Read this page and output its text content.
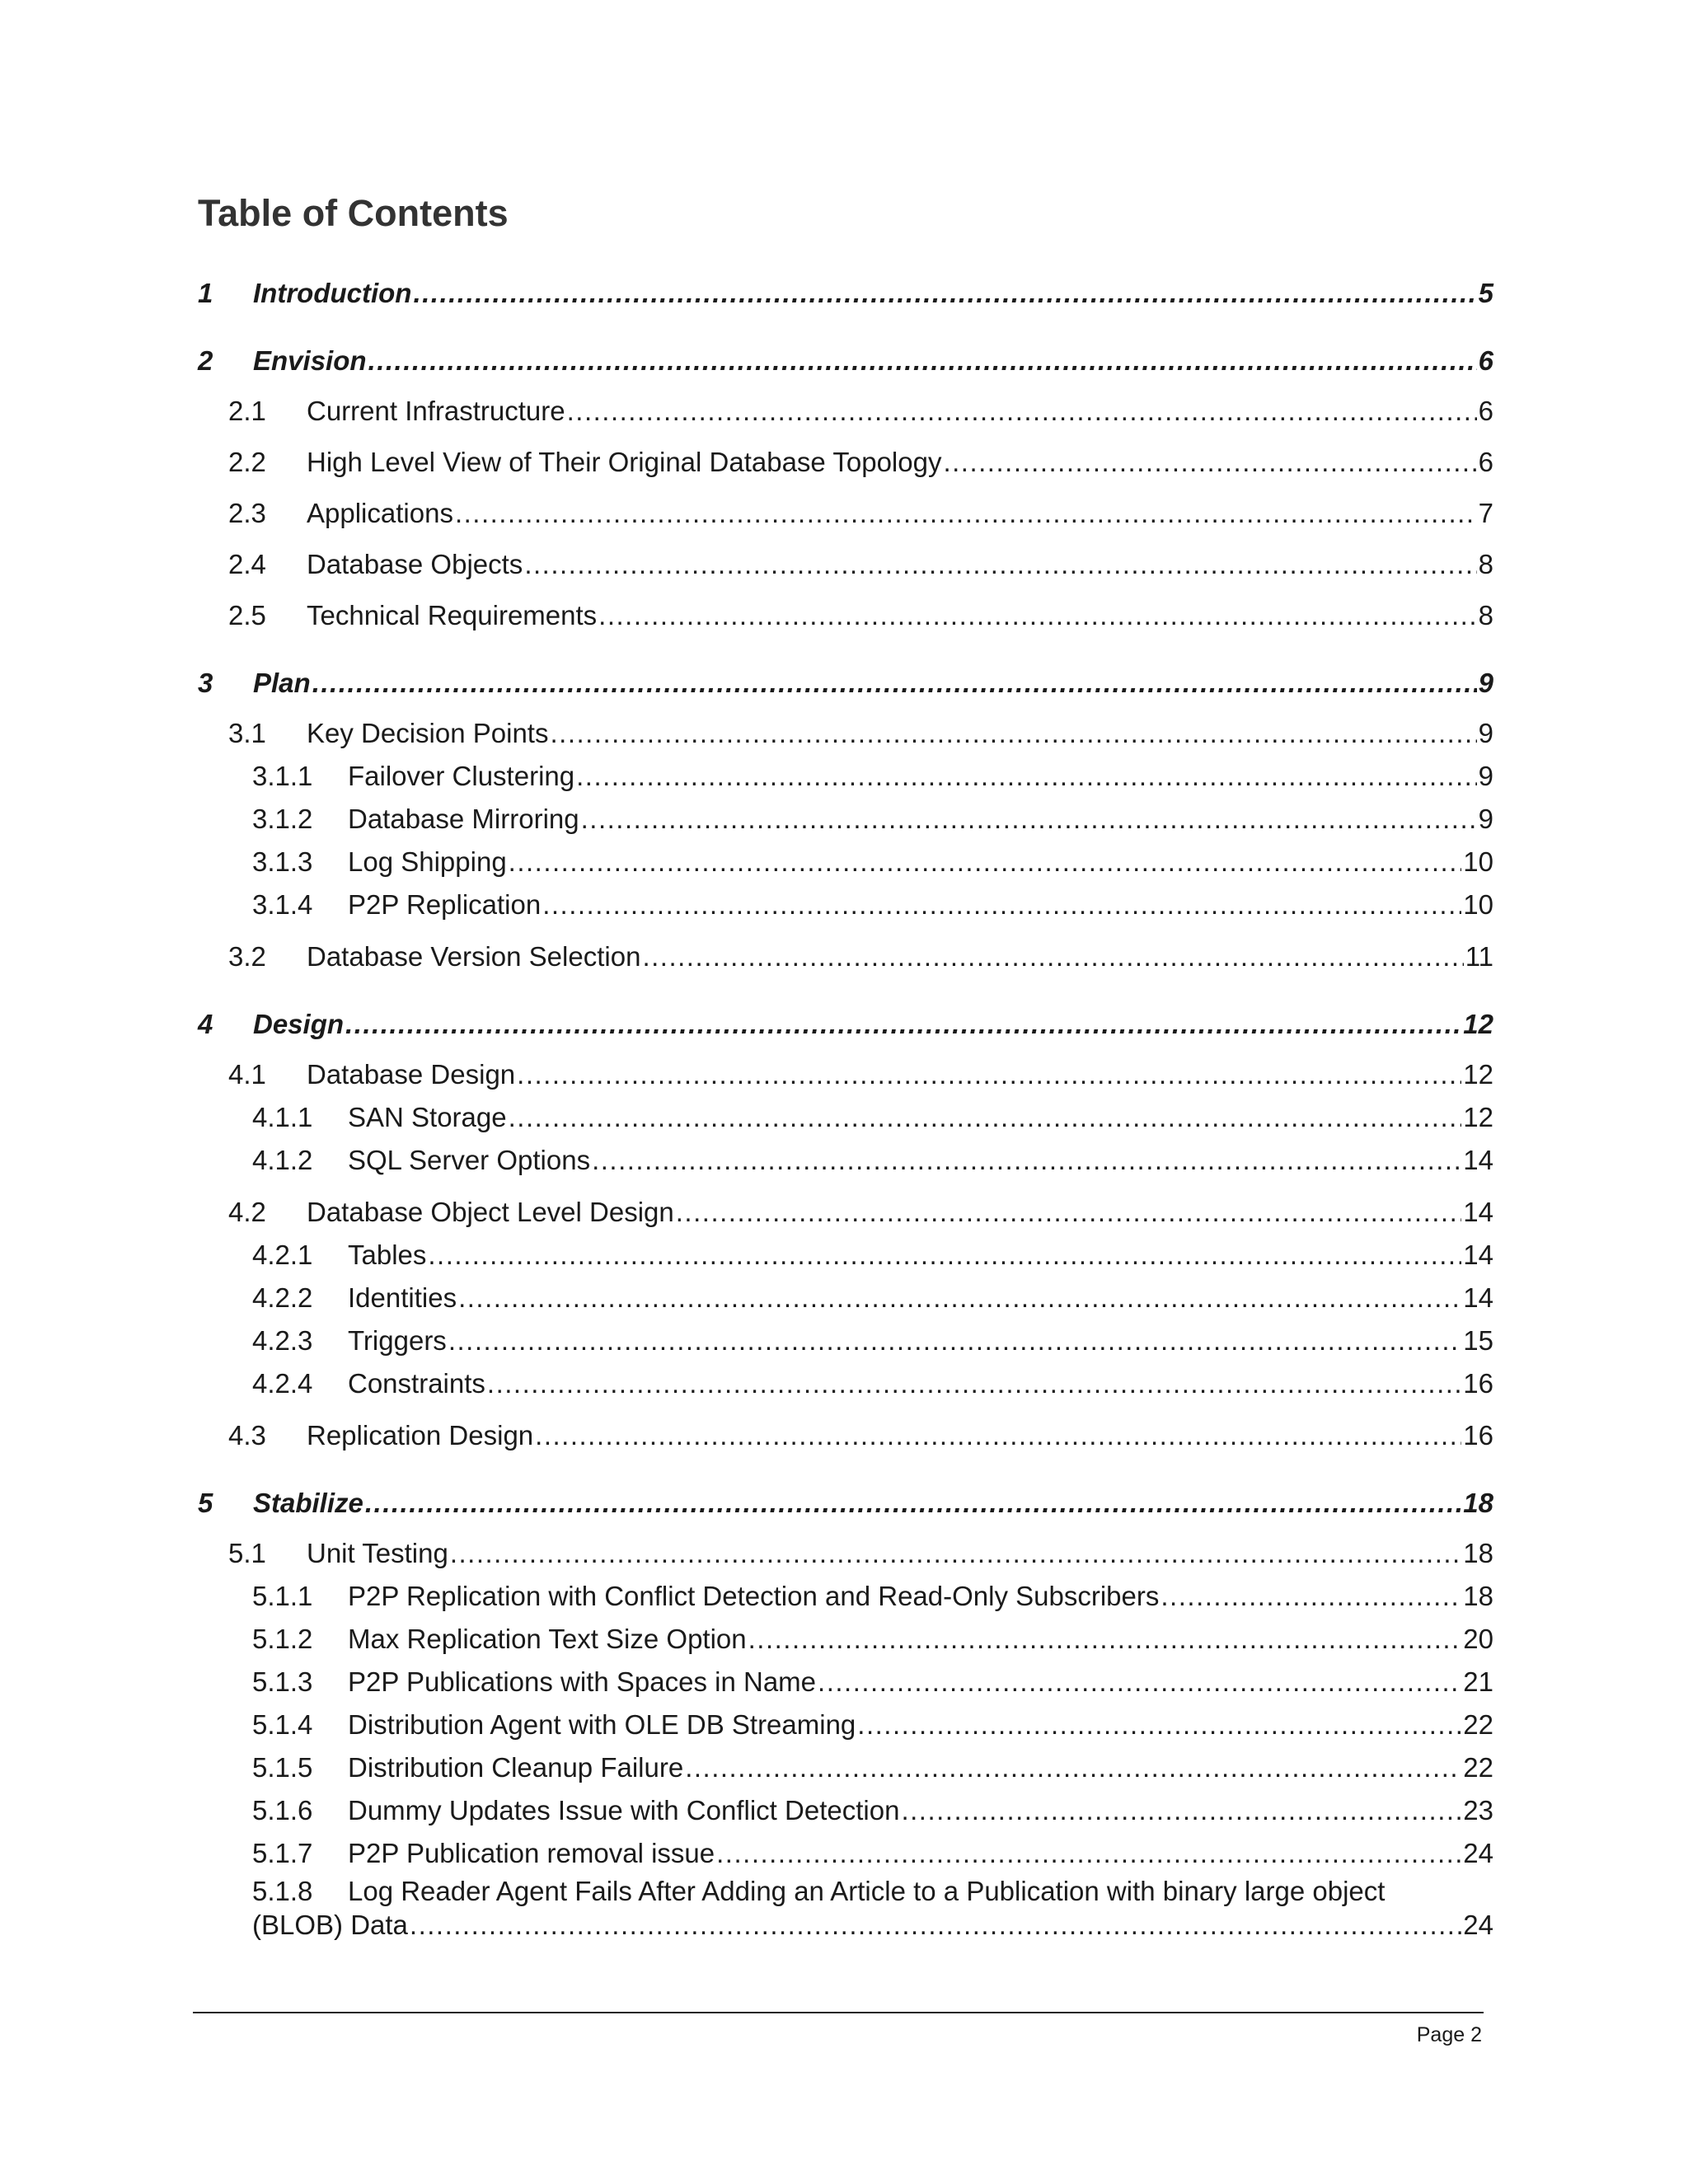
Table of Contents
1 Introduction .....	5
2 Envision .....	6
2.1 Current Infrastructure .....	6
2.2 High Level View of Their Original Database Topology .....	6
2.3 Applications .....	7
2.4 Database Objects .....	8
2.5 Technical Requirements .....	8
3 Plan .....	9
3.1 Key Decision Points .....	9
3.1.1 Failover Clustering .....	9
3.1.2 Database Mirroring .....	9
3.1.3 Log Shipping .....	10
3.1.4 P2P Replication .....	10
3.2 Database Version Selection .....	11
4 Design .....	12
4.1 Database Design .....	12
4.1.1 SAN Storage .....	12
4.1.2 SQL Server Options .....	14
4.2 Database Object Level Design .....	14
4.2.1 Tables .....	14
4.2.2 Identities .....	14
4.2.3 Triggers .....	15
4.2.4 Constraints .....	16
4.3 Replication Design .....	16
5 Stabilize .....	18
5.1 Unit Testing .....	18
5.1.1 P2P Replication with Conflict Detection and Read-Only Subscribers .....	18
5.1.2 Max Replication Text Size Option .....	20
5.1.3 P2P Publications with Spaces in Name .....	21
5.1.4 Distribution Agent with OLE DB Streaming .....	22
5.1.5 Distribution Cleanup Failure .....	22
5.1.6 Dummy Updates Issue with Conflict Detection .....	23
5.1.7 P2P Publication removal issue .....	24
5.1.8 Log Reader Agent Fails After Adding an Article to a Publication with binary large object
(BLOB) Data .....	24
Page 2
